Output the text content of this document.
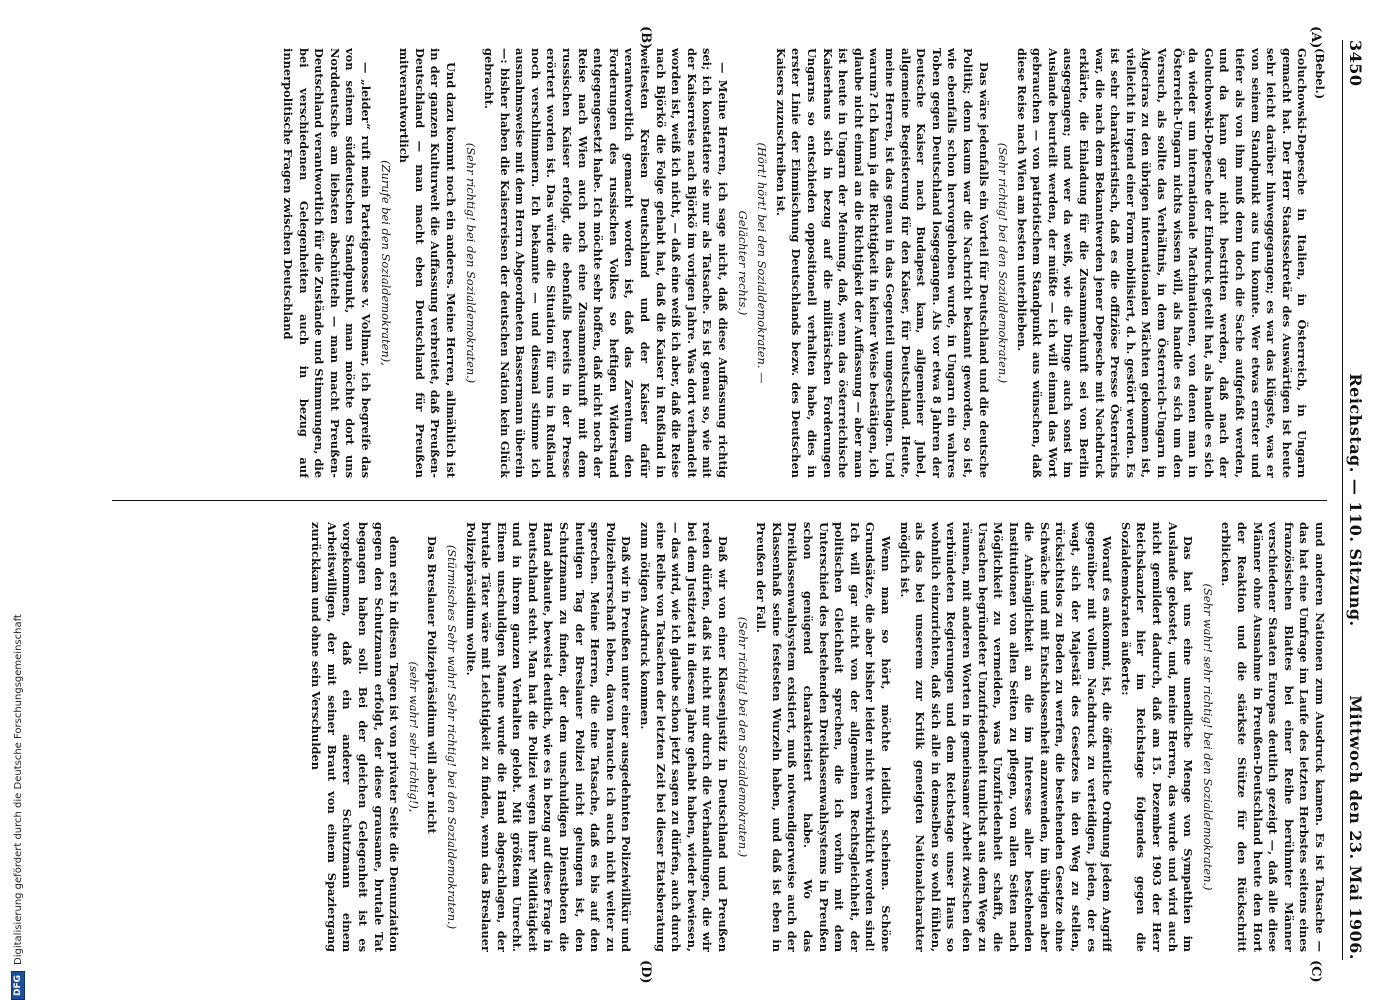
3450
Reichstag. — 110. Sitzung.
Mittwoch den 23. Mai 1906.
(A)
(B)
(C)
(D)

(Bebel.)

Goluchowski-Depesche in Italien, in Österreich, in Ungarn gemacht hat. Der Herr Staatssekretär des Auswärtigen ist heute sehr leicht darüber hinweggegangen; es war das klügste, was er von seinem Standpunkt aus tun konnte. Wer etwas ernster und tiefer als von ihm muß denn doch die Sache aufgefaßt werden, und da kann gar nicht bestritten werden, daß nach der Goluchowski-Depesche der Eindruck geteilt hat, als handle es sich da wieder um internationale Machinationen, von denen man in Österreich-Ungarn nichts wissen will, als handle es sich um den Versuch, als sollte das Verhältnis, in dem Österreich-Ungarn in Algeciras zu den übrigen internationalen Mächten gekommen ist, vielleicht in irgend einer Form mobilisiert, d. h. gestört werden. Es ist sehr charakteristisch, daß es die offiziöse Presse Österreichs war, die nach dem Bekanntwerden jener Depesche mit Nachdruck erklärte, die Einladung für die Zusammenkunft sei von Berlin ausgegangen; und wer da weiß, wie die Dinge auch sonst im Auslande beurteilt werden, der müßte — ich will einmal das Wort gebrauchen — von patriotischem Standpunkt aus wünschen, daß diese Reise nach Wien am besten unterblieben.

(Sehr richtig! bei den Sozialdemokraten.)

Das wäre jedenfalls ein Vorteil für Deutschland und die deutsche Politik; denn kaum war die Nachricht bekannt geworden, so ist, wie ebenfalls schon hervorgehoben wurde, in Ungarn ein wahres Toben gegen Deutschland losgegangen. Als vor etwa 8 Jahren der Deutsche Kaiser nach Budapest kam, allgemeiner Jubel, allgemeine Begeisterung für den Kaiser, für Deutschland. Heute, meine Herren, ist das genau in das Gegenteil umgeschlagen. Und warum? Ich kann ja die Richtigkeit in keiner Weise bestätigen, ich glaube nicht einmal an die Richtigkeit der Auffassung — aber man ist heute in Ungarn der Meinung, daß, wenn das österreichische Kaiserhaus sich in bezug auf die militärischen Forderungen Ungarns so entschieden oppositionell verhalten habe, dies in erster Linie der Einmischung Deutschlands bezw. des Deutschen Kaisers zuzuschreiben ist.

(Hört! hört! bei den Sozialdemokraten. —

Gelächter rechts.)

— Meine Herren, ich sage nicht, daß diese Auffassung richtig sei; ich konstatiere sie nur als Tatsache. Es ist genau so, wie mit der Kaiserreise nach Björkö im vorigen Jahre. Was dort verhandelt worden ist, weiß ich nicht, — daß eine weiß ich aber, daß die Reise nach Björkö die Folge gehabt hat, daß die Kaiser in Rußland in weitesten Kreisen Deutschland und der Kaiser dafür verantwortlich gemacht worden ist, daß das Zarentum den Forderungen des russischen Volkes so heftigen Widerstand entgegengesetzt habe. Ich möchte sehr hoffen, daß nicht noch der Reise nach Wien auch noch eine Zusammenkunft mit dem russischen Kaiser erfolgt, die ebenfalls bereits in der Presse erörtert worden ist. Das würde die Situation für uns in Rußland noch verschlimmern. Ich bekannte — und diesmal stimme ich ausnahmsweise mit dem Herrn Abgeordneten Bassermann überein —: bisher haben die Kaiserreisen der deutschen Nation kein Glück gebracht.

(Sehr richtig! bei den Sozialdemokraten.)

Und dazu kommt noch ein anderes. Meine Herren, allmählich ist in der ganzen Kulturwelt die Auffassung verbreitet, daß Preußen-Deutschland — man macht eben Deutschland für Preußen mitverantwortlich

(Zurufe bei den Sozialdemokraten),

— „leider“ ruft mein Parteigenosse v. Vollmar, ich begreife das von seinem süddeutschen Standpunkt, man möchte dort uns Norddeutsche am liebsten abschütteln — man macht Preußen-Deutschland verantwortlich für die Zustände und Stimmungen, die bei verschiedenen Gelegenheiten auch in bezug auf innerpolitische Fragen zwischen Deutschland

und anderen Nationen zum Ausdruck kamen. Es ist Tatsache — das hat eine Umfrage im Laufe des letzten Herbstes seitens eines französischen Blattes bei einer Reihe berühmter Männer verschiedener Staaten Europas deutlich gezeigt —, daß alle diese Männer ohne Ausnahme in Preußen-Deutschland heute den Hort der Reaktion und die stärkste Stütze für den Rückschritt erblicken.

(Sehr wahr! sehr richtig! bei den Sozialdemokraten.)

Das hat uns eine unendliche Menge von Sympathien im Auslande gekostet, und, meine Herren, das wurde und wird auch nicht gemildert dadurch, daß am 15. Dezember 1903 der Herr Reichskanzler hier im Reichstage folgendes gegen die Sozialdemokraten äußerte:

Worauf es ankommt, ist, die öffentliche Ordnung jedem Angriff gegenüber mit vollem Nachdruck zu verteidigen, jeden, der es wagt, sich der Majestät des Gesetzes in den Weg zu stellen, rücksichtslos zu Boden zu werfen, die bestehenden Gesetze ohne Schwäche und mit Entschlossenheit anzuwenden, im übrigen aber die Anhänglichkeit an die im Interesse aller bestehenden Institutionen von allen Seiten zu pflegen, von allen Seiten nach Möglichkeit zu vermeiden, was Unzufriedenheit schafft, die Ursachen begründeter Unzufriedenheit tunlichst aus dem Wege zu räumen, mit anderen Worten in gemeinsamer Arbeit zwischen den verbündeten Regierungen und dem Reichstage unser Haus so wohnlich einzurichten, daß sich alle in demselben so wohl fühlen, als das bei unserem zur Kritik geneigten Nationalcharakter möglich ist.

Wenn man so hört, möchte leidlich scheinen. Schöne Grundsätze, die aber bisher leider nicht verwirklicht worden sind! Ich will gar nicht von der allgemeinen Rechtsgleichheit, der politischen Gleichheit sprechen, die ich vorhin mit dem Unterschied des bestehenden Dreiklassenwahlsystems in Preußen schon genügend charakterisiert habe. Wo das Dreiklassenwahlsystem existiert, muß notwendigerweise auch der Klassenhaß seine festesten Wurzeln haben, und daß ist eben in Preußen der Fall.

(Sehr richtig! bei den Sozialdemokraten.)

Daß wir von einer Klassenjustiz in Deutschland und Preußen reden dürfen, daß ist nicht nur durch die Verhandlungen, die wir bei dem Justizetat in diesem Jahre gehabt haben, wieder bewiesen, — das wird, wie ich glaube schon jetzt sagen zu dürfen, auch durch eine Reihe von Tatsachen der letzten Zeit bei dieser Etatsberatung zum nötigen Ausdruck kommen.

Daß wir in Preußen unter einer ausgedehnten Polizeiwillkür und Polizeiherrschaft leben, davon brauche ich auch nicht weiter zu sprechen. Meine Herren, die eine Tatsache, daß es bis auf den heutigen Tag der Breslauer Polizei nicht gelungen ist, den Schutzmann zu finden, der dem unschuldigen Dienstboten die Hand abhaute, beweist deutlich, wie es in bezug auf diese Frage in Deutschland steht. Man hat die Polizei wegen ihrer Mildtätigkeit und in ihrem ganzen Verhalten gelobt. Mit größtem Unrecht. Einem unschuldigen Manne wurde die Hand abgeschlagen, der brutale Täter wäre mit Leichtigkeit zu finden, wenn das Breslauer Polizeipräsidium wollte.

(Stürmisches Sehr wahr! Sehr richtig! bei den Sozialdemokraten.)

Das Breslauer Polizeipräsidium will aber nicht

(sehr wahr! sehr richtig!),

denn erst in diesen Tagen ist von privater Seite die Denunziation gegen den Schutzmann erfolgt, der diese grausame, brutale Tat begangen haben soll. Bei der gleichen Gelegenheit ist es vorgekommen, daß ein anderer Schutzmann einem Arbeitswilligen, der mit seiner Braut von einem Spaziergang zurückkam und ohne sein Verschulden

DFG
Digitalisierung gefördert durch die Deutsche Forschungsgemeinschaft
